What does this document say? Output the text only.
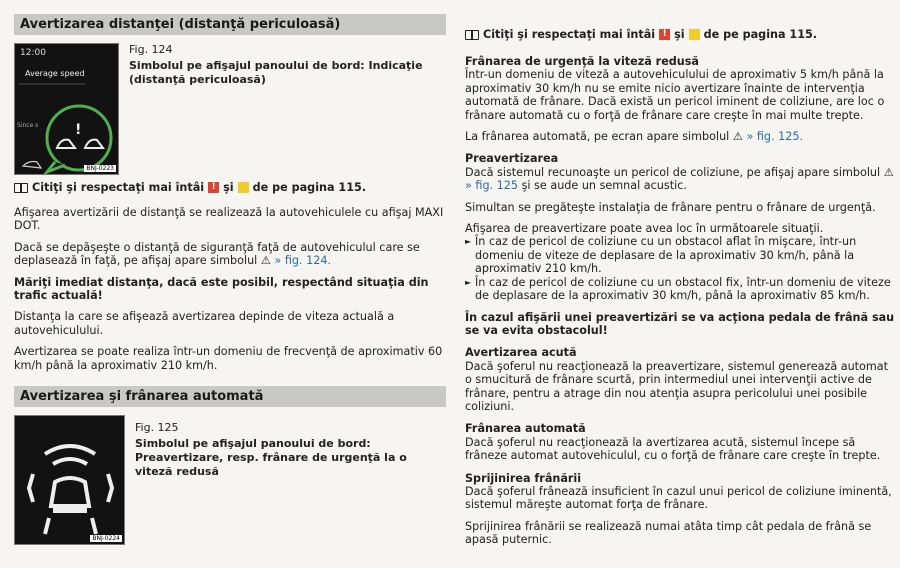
Avertizarea distanţei (distanţă periculoasă)
12:00
Average speed
Since s	!
BNJ-0223
Fig. 124
Simbolul pe afişajul panoului de bord: Indicaţie (distanţă periculoasă)
Citiţi şi respectaţi mai întâi ! şi de pe pagina 115.
Afişarea avertizării de distanţă se realizează la autovehiculele cu afişaj MAXI DOT.
Dacă se depăşeşte o distanţă de siguranţă faţă de autovehiculul care se deplasează în faţă, pe afişaj apare simbolul ⚠ » fig. 124.
Măriţi imediat distanţa, dacă este posibil, respectând situaţia din trafic actuală!
Distanţa la care se afişează avertizarea depinde de viteza actuală a autovehiculului.
Avertizarea se poate realiza într-un domeniu de frecvenţă de aproximativ 60 km/h până la aproximativ 210 km/h.
Avertizarea şi frânarea automată
BNJ-0224
Fig. 125
Simbolul pe afişajul panoului de bord: Preavertizare, resp. frânare de urgenţă la o viteză redusă
Citiţi şi respectaţi mai întâi ! şi de pe pagina 115.
Frânarea de urgenţă la viteză redusă
Într-un domeniu de viteză a autovehiculului de aproximativ 5 km/h până la aproximativ 30 km/h nu se emite nicio avertizare înainte de intervenţia automată de frânare. Dacă există un pericol iminent de coliziune, are loc o frânare automată cu o forţă de frânare care creşte în mai multe trepte.
La frânarea automată, pe ecran apare simbolul ⚠ » fig. 125.
Preavertizarea
Dacă sistemul recunoaşte un pericol de coliziune, pe afişaj apare simbolul ⚠ » fig. 125 şi se aude un semnal acustic.
Simultan se pregăteşte instalaţia de frânare pentru o frânare de urgenţă.
Afişarea de preavertizare poate avea loc în următoarele situaţii.
► În caz de pericol de coliziune cu un obstacol aflat în mişcare, într-un domeniu de viteze de deplasare de la aproximativ 30 km/h, până la aproximativ 210 km/h.
► În caz de pericol de coliziune cu un obstacol fix, într-un domeniu de viteze de deplasare de la aproximativ 30 km/h, până la aproximativ 85 km/h.
În cazul afişării unei preavertizări se va acţiona pedala de frână sau se va evita obstacolul!
Avertizarea acută
Dacă şoferul nu reacţionează la preavertizare, sistemul generează automat o smucitură de frânare scurtă, prin intermediul unei intervenţii active de frânare, pentru a atrage din nou atenţia asupra pericolului unei posibile coliziuni.
Frânarea automată
Dacă şoferul nu reacţionează la avertizarea acută, sistemul începe să frâneze automat autovehiculul, cu o forţă de frânare care creşte în trepte.
Sprijinirea frânării
Dacă şoferul frânează insuficient în cazul unui pericol de coliziune iminentă, sistemul măreşte automat forţa de frânare.
Sprijinirea frânării se realizează numai atâta timp cât pedala de frână se apasă puternic.
